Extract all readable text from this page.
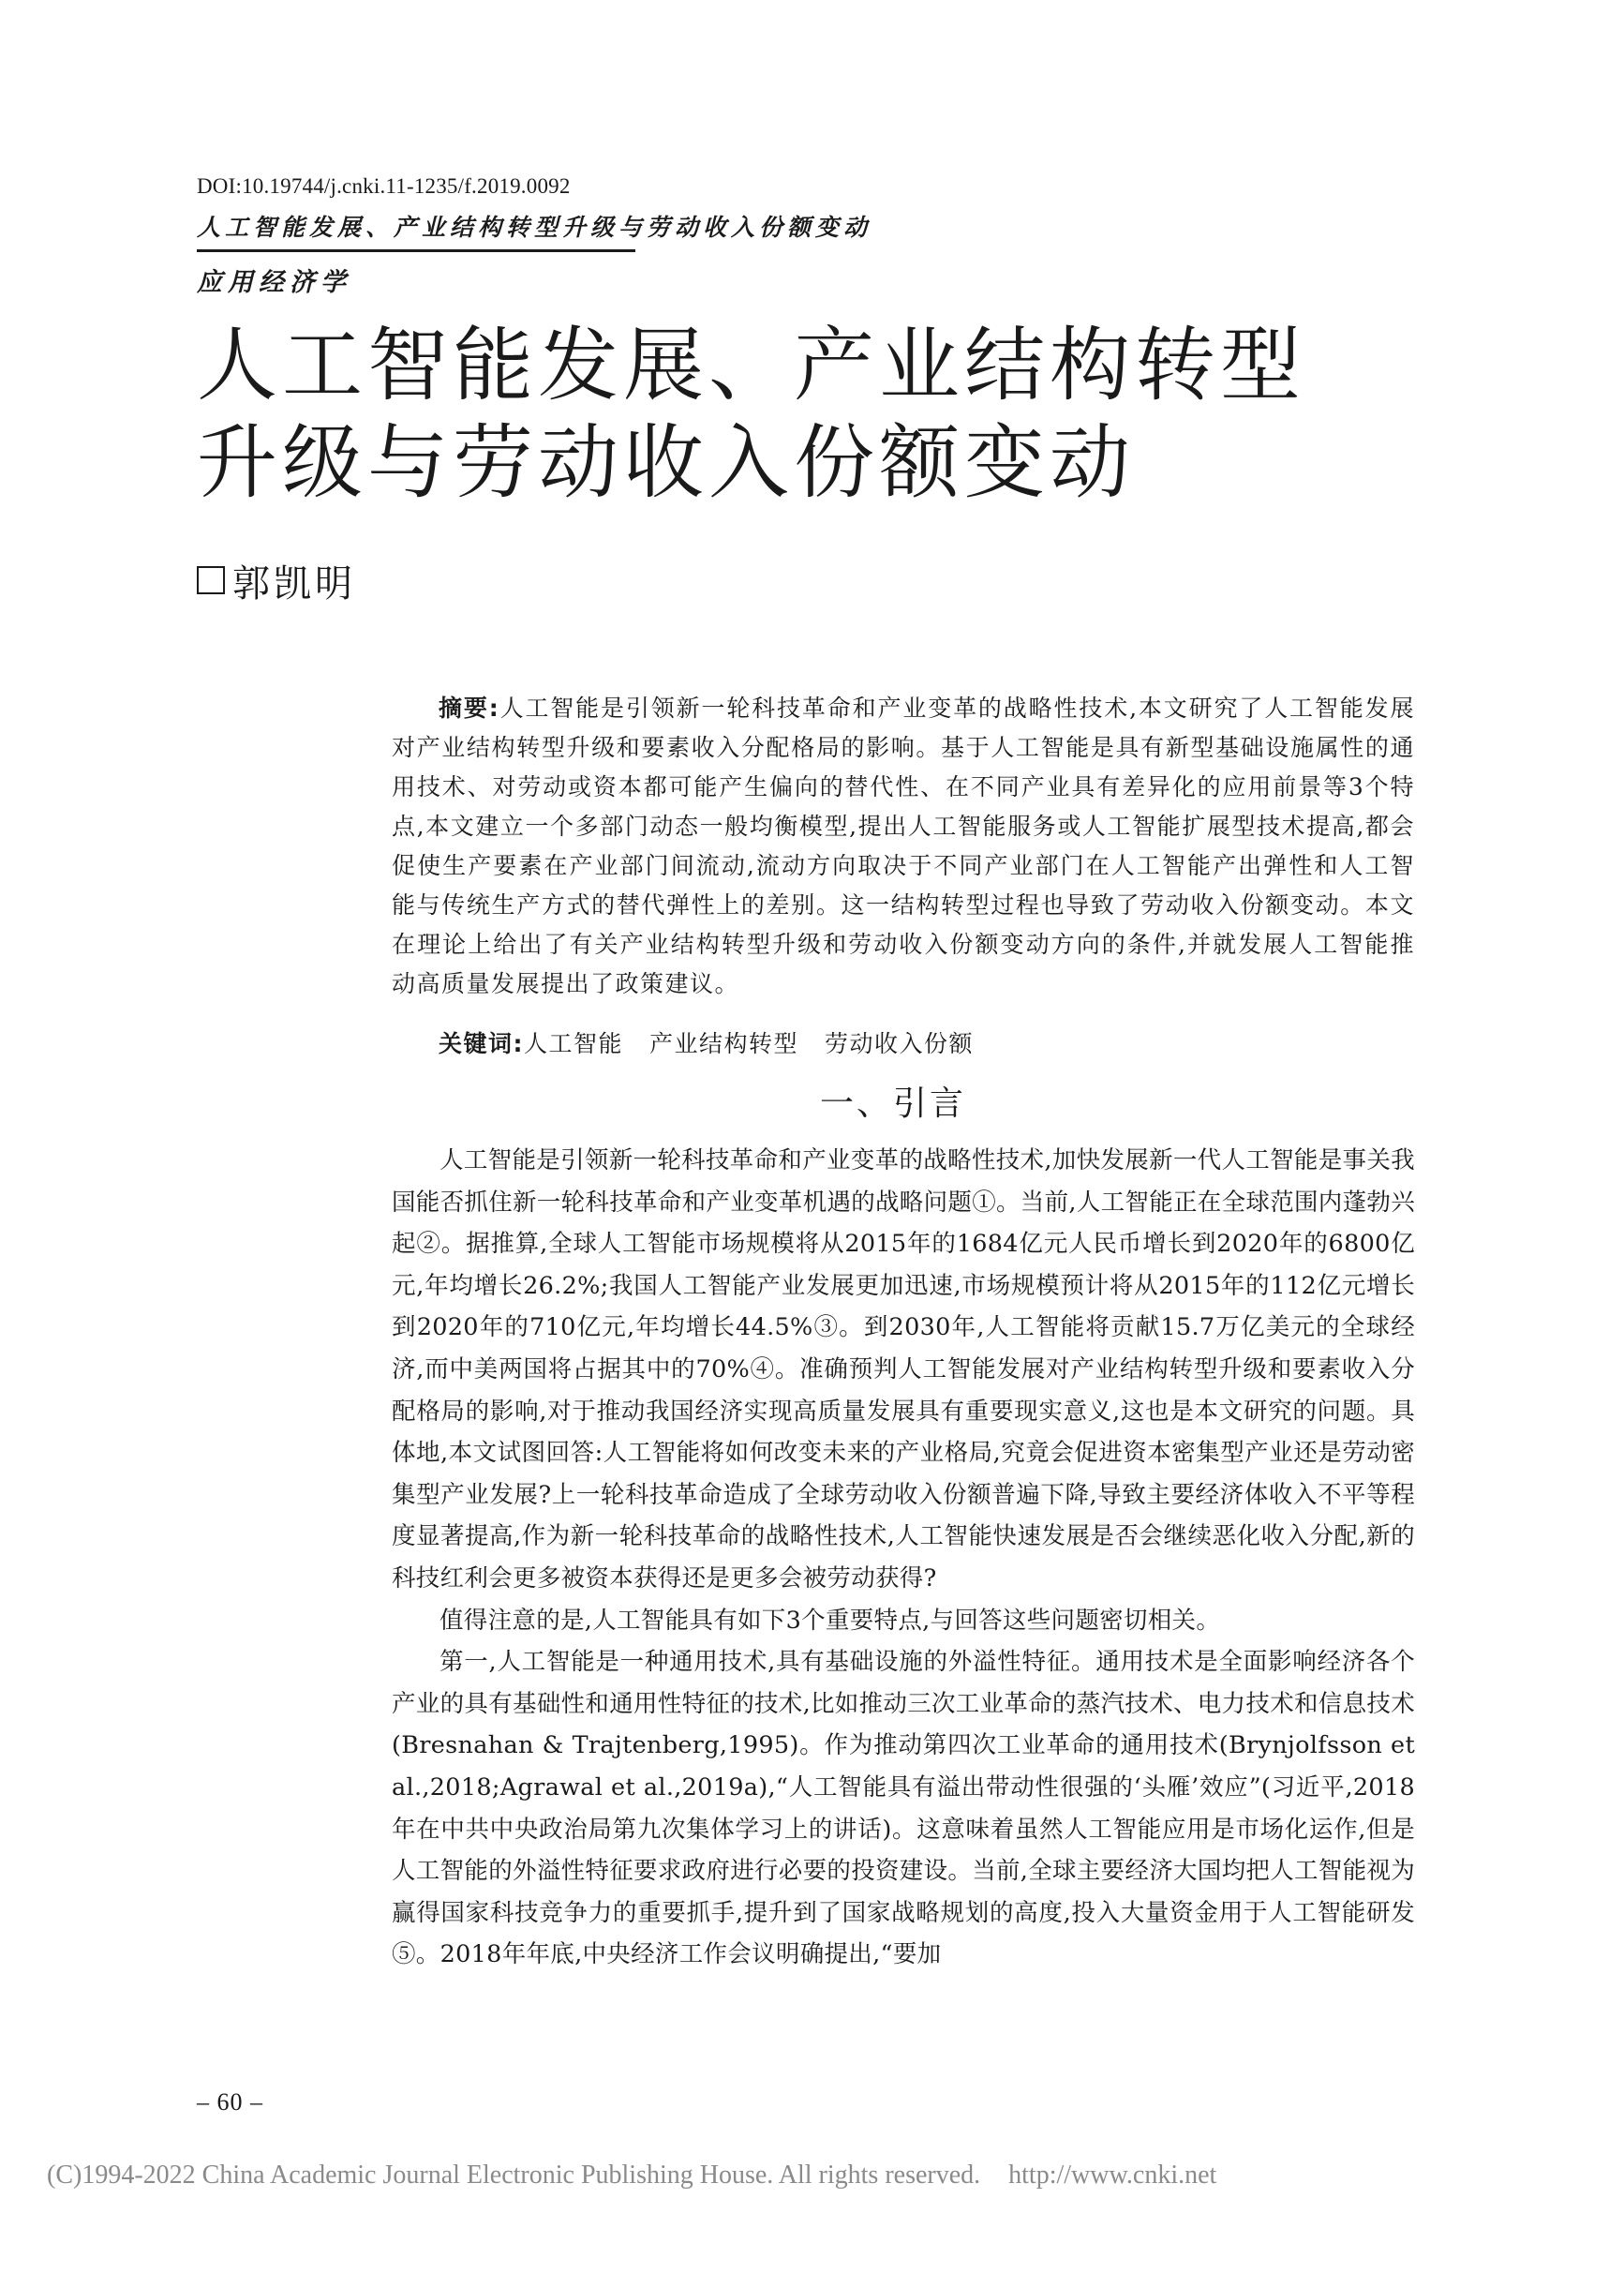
DOI:10.19744/j.cnki.11-1235/f.2019.0092
人工智能发展、产业结构转型升级与劳动收入份额变动
应用经济学
人工智能发展、产业结构转型
升级与劳动收入份额变动
郭凯明
摘要:人工智能是引领新一轮科技革命和产业变革的战略性技术,本文研究了人工智能发展对产业结构转型升级和要素收入分配格局的影响。基于人工智能是具有新型基础设施属性的通用技术、对劳动或资本都可能产生偏向的替代性、在不同产业具有差异化的应用前景等3个特点,本文建立一个多部门动态一般均衡模型,提出人工智能服务或人工智能扩展型技术提高,都会促使生产要素在产业部门间流动,流动方向取决于不同产业部门在人工智能产出弹性和人工智能与传统生产方式的替代弹性上的差别。这一结构转型过程也导致了劳动收入份额变动。本文在理论上给出了有关产业结构转型升级和劳动收入份额变动方向的条件,并就发展人工智能推动高质量发展提出了政策建议。
关键词:人工智能 产业结构转型 劳动收入份额
一、引言

人工智能是引领新一轮科技革命和产业变革的战略性技术,加快发展新一代人工智能是事关我国能否抓住新一轮科技革命和产业变革机遇的战略问题①。当前,人工智能正在全球范围内蓬勃兴起②。据推算,全球人工智能市场规模将从2015年的1684亿元人民币增长到2020年的6800亿元,年均增长26.2%;我国人工智能产业发展更加迅速,市场规模预计将从2015年的112亿元增长到2020年的710亿元,年均增长44.5%③。到2030年,人工智能将贡献15.7万亿美元的全球经济,而中美两国将占据其中的70%④。准确预判人工智能发展对产业结构转型升级和要素收入分配格局的影响,对于推动我国经济实现高质量发展具有重要现实意义,这也是本文研究的问题。具体地,本文试图回答:人工智能将如何改变未来的产业格局,究竟会促进资本密集型产业还是劳动密集型产业发展?上一轮科技革命造成了全球劳动收入份额普遍下降,导致主要经济体收入不平等程度显著提高,作为新一轮科技革命的战略性技术,人工智能快速发展是否会继续恶化收入分配,新的科技红利会更多被资本获得还是更多会被劳动获得?

值得注意的是,人工智能具有如下3个重要特点,与回答这些问题密切相关。

第一,人工智能是一种通用技术,具有基础设施的外溢性特征。通用技术是全面影响经济各个产业的具有基础性和通用性特征的技术,比如推动三次工业革命的蒸汽技术、电力技术和信息技术(Bresnahan & Trajtenberg,1995)。作为推动第四次工业革命的通用技术(Brynjolfsson et al.,2018;Agrawal et al.,2019a),“人工智能具有溢出带动性很强的‘头雁’效应”(习近平,2018年在中共中央政治局第九次集体学习上的讲话)。这意味着虽然人工智能应用是市场化运作,但是人工智能的外溢性特征要求政府进行必要的投资建设。当前,全球主要经济大国均把人工智能视为赢得国家科技竞争力的重要抓手,提升到了国家战略规划的高度,投入大量资金用于人工智能研发⑤。2018年年底,中央经济工作会议明确提出,“要加

– 60 –
(C)1994-2022 China Academic Journal Electronic Publishing House. All rights reserved. http://www.cnki.net
